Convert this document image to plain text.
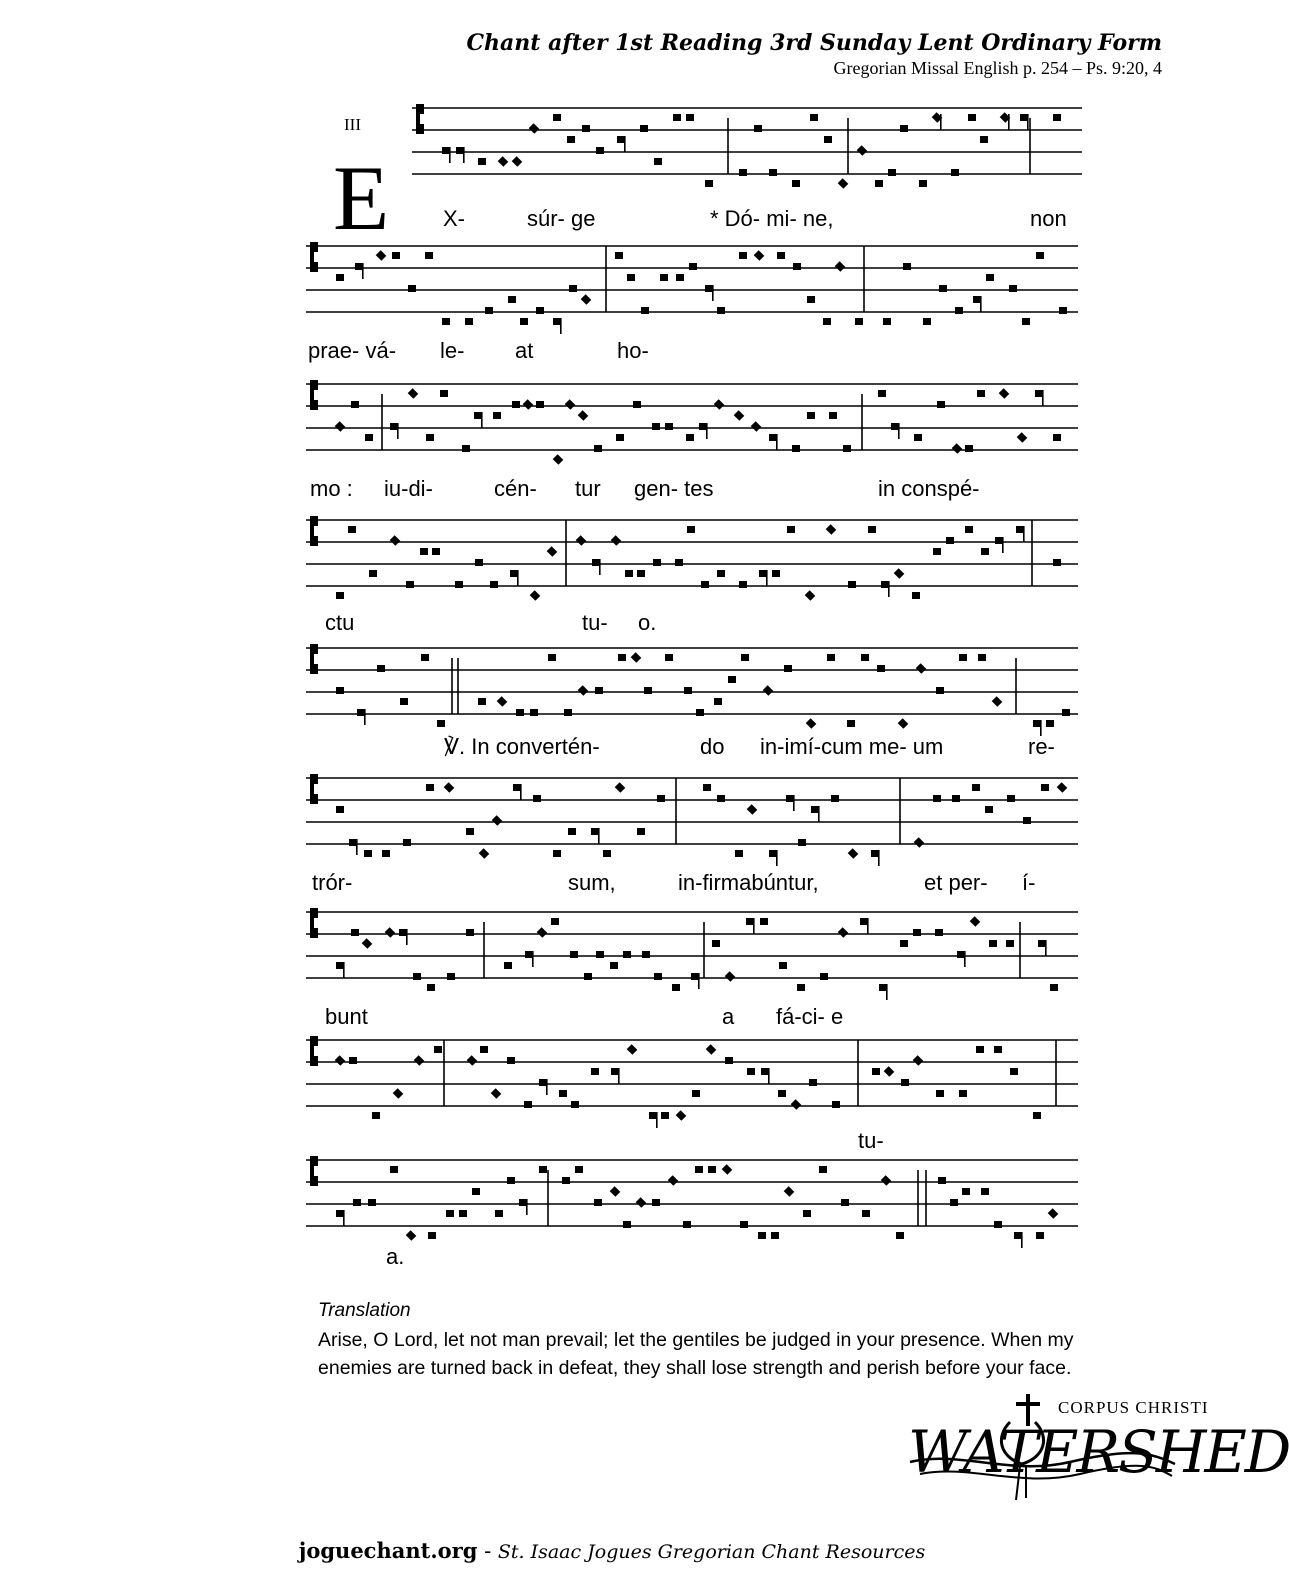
Chant after 1st Reading 3rd Sunday Lent Ordinary Form
Gregorian Missal English p. 254 – Ps. 9:20, 4
III
E X-	súr- ge	* Dó- mi- ne,	non
prae- vá- le- at	ho-
mo : iu-di-	cén- tur gen- tes	in conspé-
ctu	tu- o.
℣. In convertén-	do in-imí-cum me- um	re-
trór-	sum,	in-firmabúntur,	et per- í-
bunt	a fá-ci- e
tu-
a.
Translation
Arise, O Lord, let not man prevail; let the gentiles be judged in your presence. When my enemies are turned back in defeat, they shall lose strength and perish before your face.
CORPUS CHRISTI
WATERSHED
joguechant.org - St. Isaac Jogues Gregorian Chant Resources
